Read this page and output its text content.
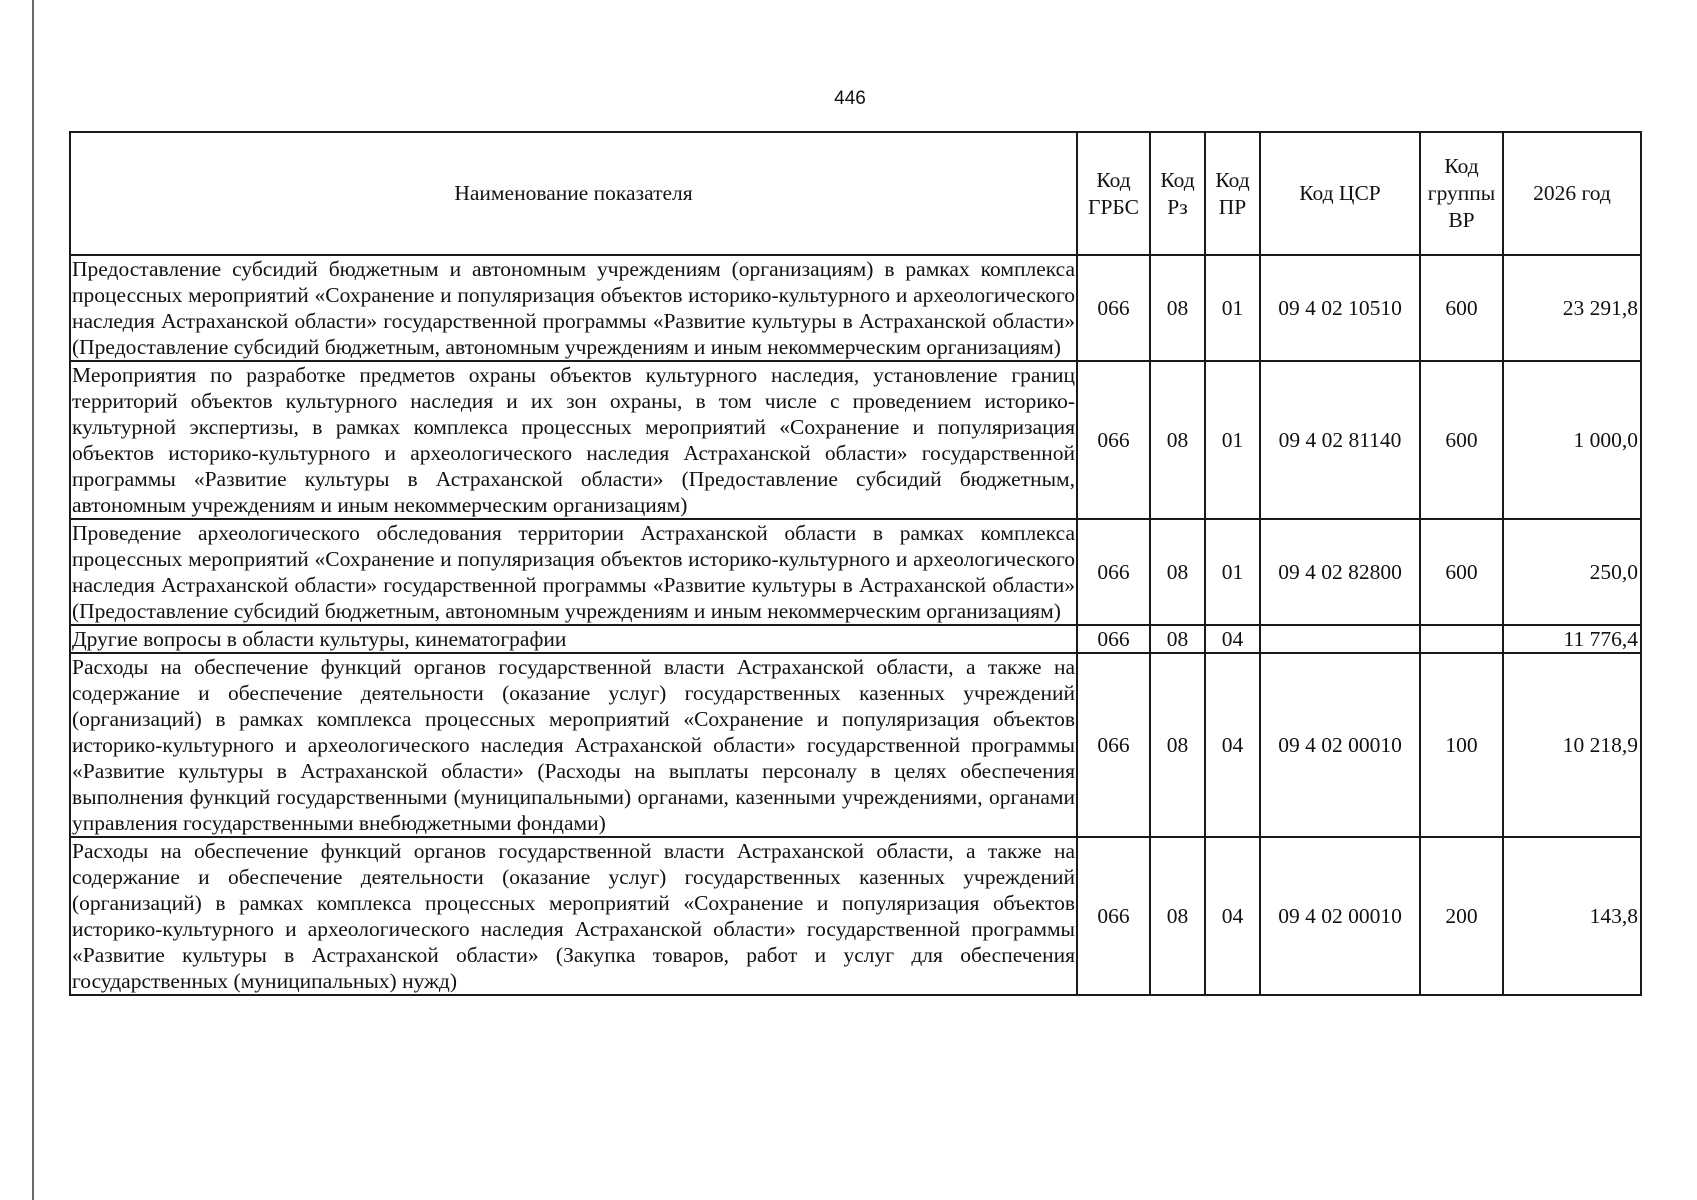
446
Наименование показателя	Код ГРБС	Код Рз	Код ПР	Код ЦСР	Код группы ВР	2026 год
Предоставление субсидий бюджетным и автономным учреждениям (организациям) в рамках комплекса процессных мероприятий «Сохранение и популяризация объектов историко-культурного и археологического наследия Астраханской области» государственной программы «Развитие культуры в Астраханской области» (Предоставление субсидий бюджетным, автономным учреждениям и иным некоммерческим организациям)	066	08	01	09 4 02 10510	600	23 291,8
Мероприятия по разработке предметов охраны объектов культурного наследия, установление границ территорий объектов культурного наследия и их зон охраны, в том числе с проведением историко-культурной экспертизы, в рамках комплекса процессных мероприятий «Сохранение и популяризация объектов историко-культурного и археологического наследия Астраханской области» государственной программы «Развитие культуры в Астраханской области» (Предоставление субсидий бюджетным, автономным учреждениям и иным некоммерческим организациям)	066	08	01	09 4 02 81140	600	1 000,0
Проведение археологического обследования территории Астраханской области в рамках комплекса процессных мероприятий «Сохранение и популяризация объектов историко-культурного и археологического наследия Астраханской области» государственной программы «Развитие культуры в Астраханской области» (Предоставление субсидий бюджетным, автономным учреждениям и иным некоммерческим организациям)	066	08	01	09 4 02 82800	600	250,0
Другие вопросы в области культуры, кинематографии	066	08	04			11 776,4
Расходы на обеспечение функций органов государственной власти Астраханской области, а также на содержание и обеспечение деятельности (оказание услуг) государственных казенных учреждений (организаций) в рамках комплекса процессных мероприятий «Сохранение и популяризация объектов историко-культурного и археологического наследия Астраханской области» государственной программы «Развитие культуры в Астраханской области» (Расходы на выплаты персоналу в целях обеспечения выполнения функций государственными (муниципальными) органами, казенными учреждениями, органами управления государственными внебюджетными фондами)	066	08	04	09 4 02 00010	100	10 218,9
Расходы на обеспечение функций органов государственной власти Астраханской области, а также на содержание и обеспечение деятельности (оказание услуг) государственных казенных учреждений (организаций) в рамках комплекса процессных мероприятий «Сохранение и популяризация объектов историко-культурного и археологического наследия Астраханской области» государственной программы «Развитие культуры в Астраханской области» (Закупка товаров, работ и услуг для обеспечения государственных (муниципальных) нужд)	066	08	04	09 4 02 00010	200	143,8
